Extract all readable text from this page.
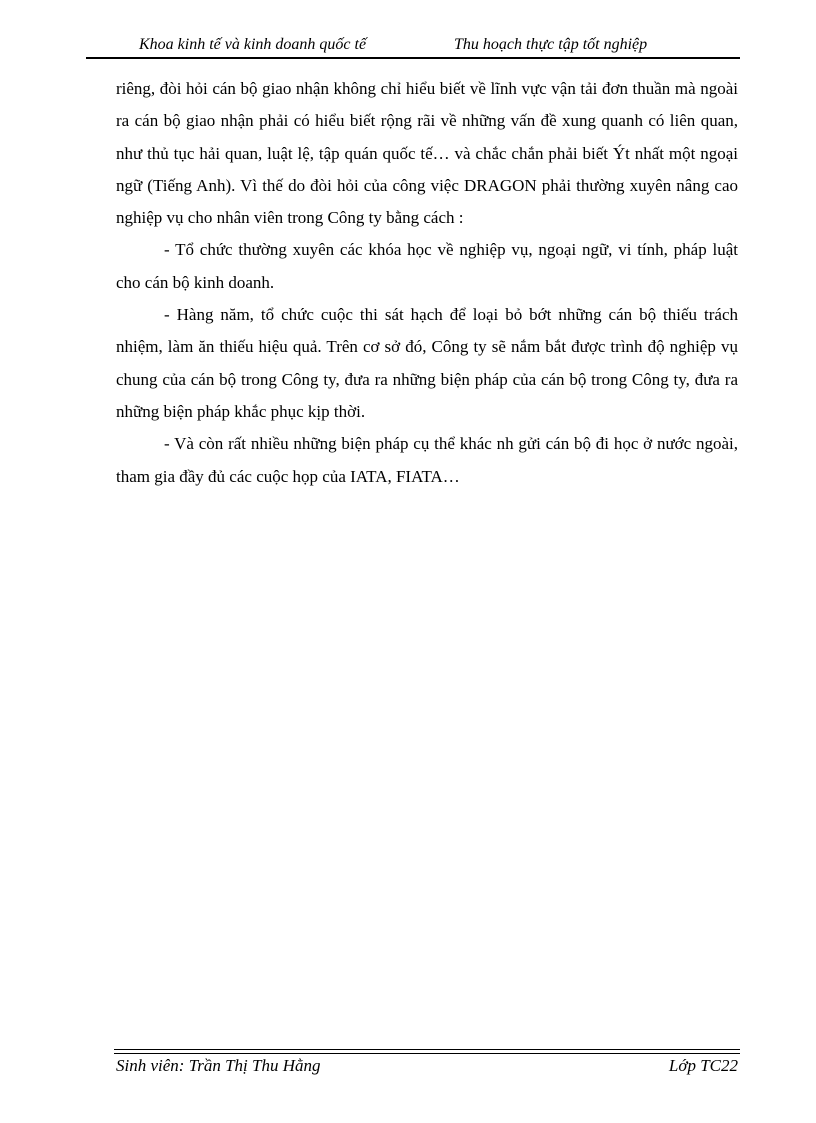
Khoa kinh tế và kinh doanh quốc tế	Thu hoạch thực tập tốt nghiệp

riêng, đòi hỏi cán bộ giao nhận không chỉ hiểu biết về lĩnh vực vận tải đơn thuần mà ngoài ra cán bộ giao nhận phải có hiểu biết rộng rãi về những vấn đề xung quanh có liên quan, như thủ tục hải quan, luật lệ, tập quán quốc tế… và chắc chắn phải biết Ýt nhất một ngoại ngữ (Tiếng Anh). Vì thế do đòi hỏi của công việc DRAGON phải thường xuyên nâng cao nghiệp vụ cho nhân viên trong Công ty bằng cách :

- Tổ chức thường xuyên các khóa học về nghiệp vụ, ngoại ngữ, vi tính, pháp luật cho cán bộ kinh doanh.

- Hàng năm, tổ chức cuộc thi sát hạch để loại bỏ bớt những cán bộ thiếu trách nhiệm, làm ăn thiếu hiệu quả. Trên cơ sở đó, Công ty sẽ nắm bắt được trình độ nghiệp vụ chung của cán bộ trong Công ty, đưa ra những biện pháp của cán bộ trong Công ty, đưa ra những biện pháp khắc phục kịp thời.

- Và còn rất nhiều những biện pháp cụ thể khác nh gửi cán bộ đi học ở nước ngoài, tham gia đầy đủ các cuộc họp của IATA, FIATA…

Sinh viên: Trần Thị Thu Hằng	Lớp TC22
